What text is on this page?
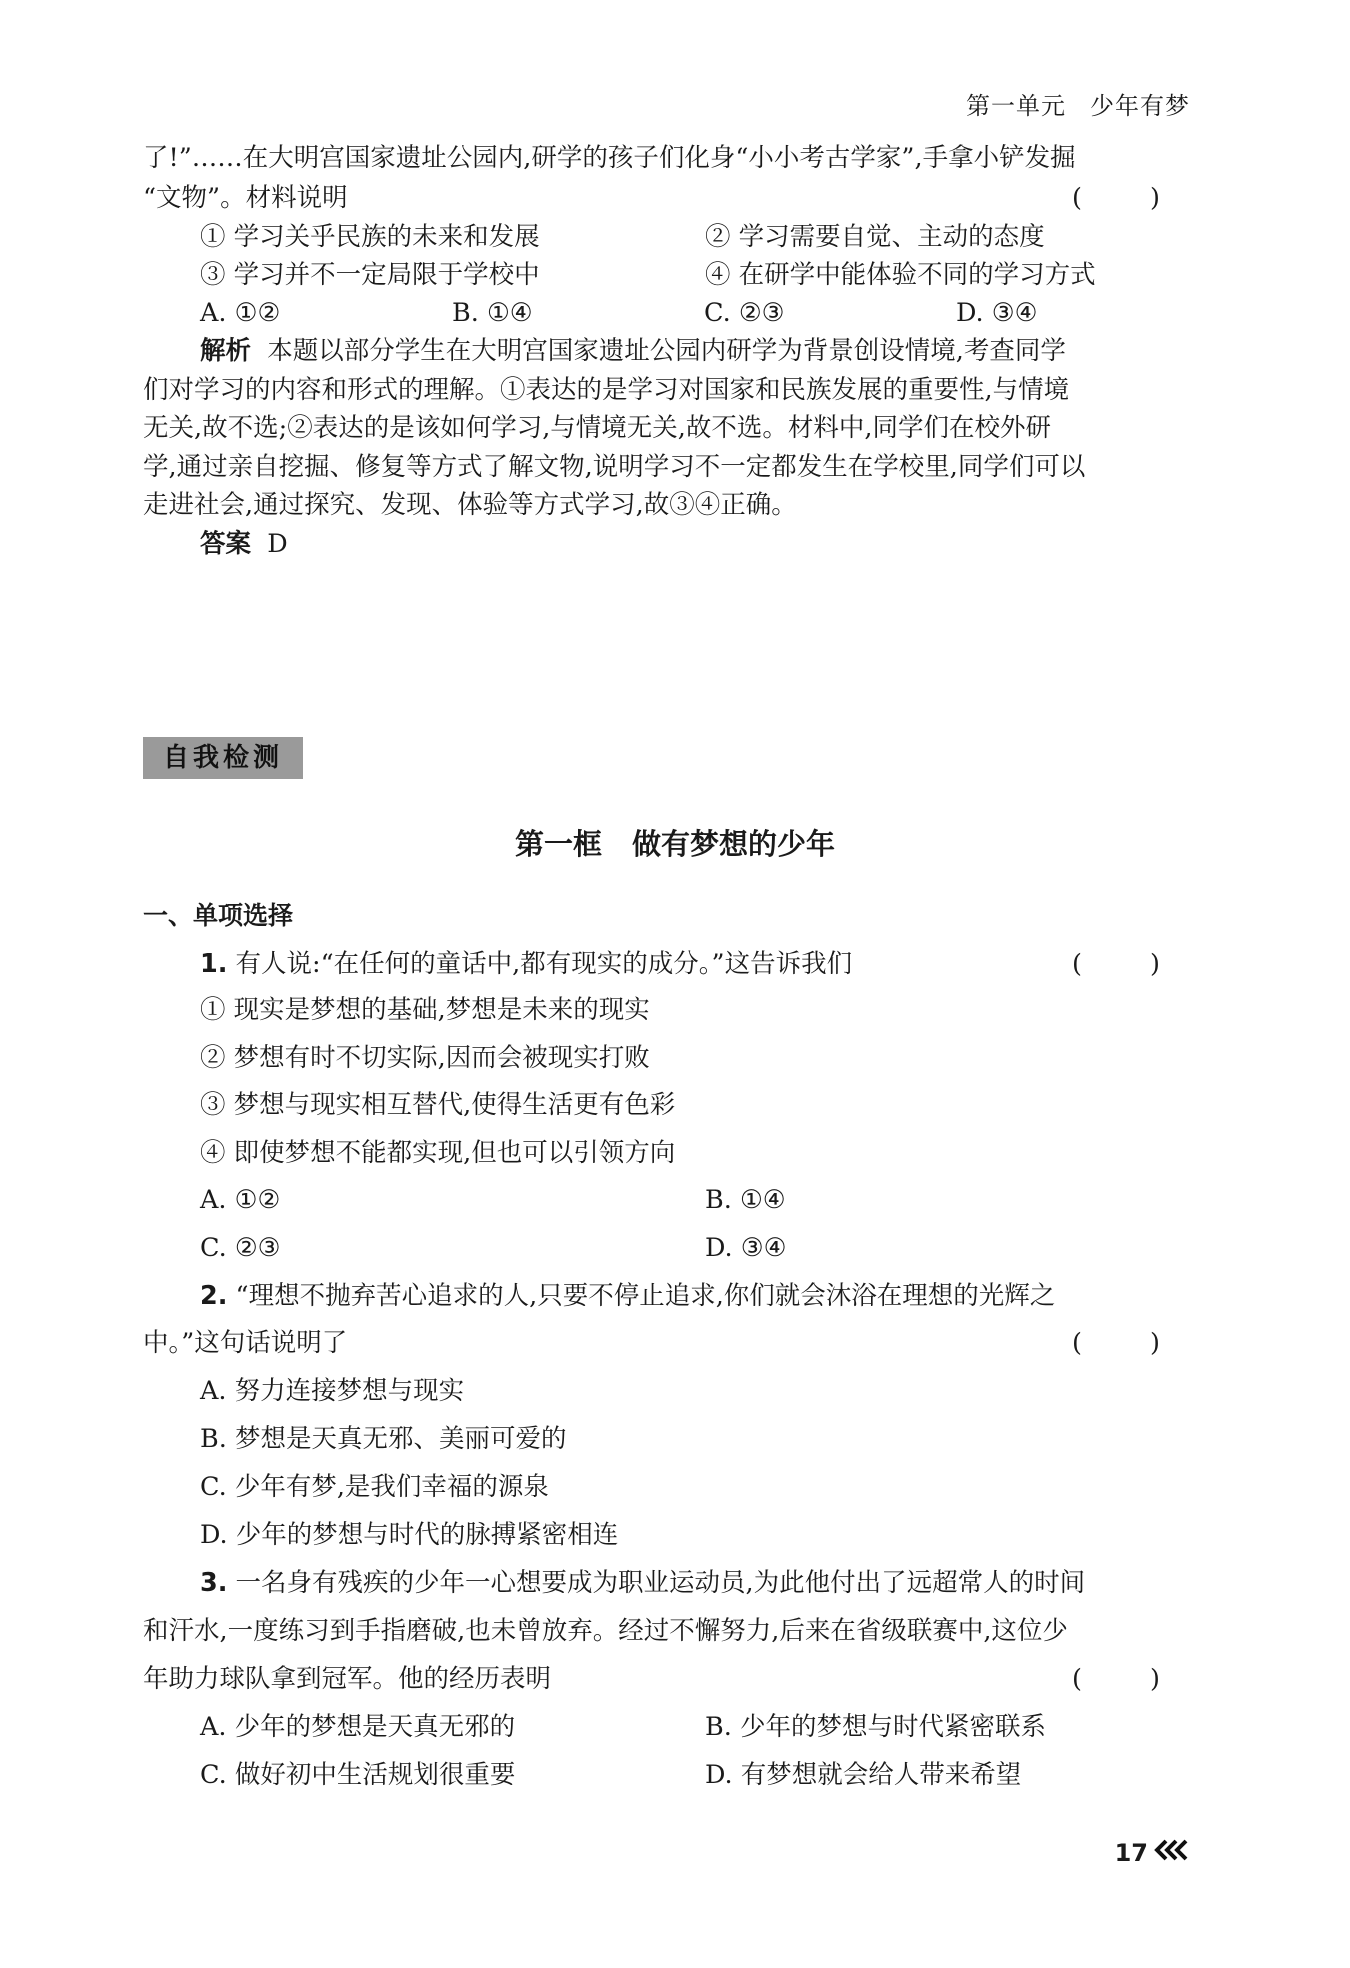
第一单元 少年有梦
了!”……在大明宫国家遗址公园内,研学的孩子们化身“小小考古学家”,手拿小铲发掘
“文物”。材料说明	( )
① 学习关乎民族的未来和发展	② 学习需要自觉、主动的态度
③ 学习并不一定局限于学校中	④ 在研学中能体验不同的学习方式
A. ①②	B. ①④	C. ②③	D. ③④
解析 本题以部分学生在大明宫国家遗址公园内研学为背景创设情境,考查同学
们对学习的内容和形式的理解。①表达的是学习对国家和民族发展的重要性,与情境
无关,故不选;②表达的是该如何学习,与情境无关,故不选。材料中,同学们在校外研
学,通过亲自挖掘、修复等方式了解文物,说明学习不一定都发生在学校里,同学们可以
走进社会,通过探究、发现、体验等方式学习,故③④正确。
答案 D
自我检测
第一框 做有梦想的少年
一、单项选择
1. 有人说:“在任何的童话中,都有现实的成分。”这告诉我们	( )
① 现实是梦想的基础,梦想是未来的现实
② 梦想有时不切实际,因而会被现实打败
③ 梦想与现实相互替代,使得生活更有色彩
④ 即使梦想不能都实现,但也可以引领方向
A. ①②	B. ①④
C. ②③	D. ③④
2. “理想不抛弃苦心追求的人,只要不停止追求,你们就会沐浴在理想的光辉之
中。”这句话说明了	( )
A. 努力连接梦想与现实
B. 梦想是天真无邪、美丽可爱的
C. 少年有梦,是我们幸福的源泉
D. 少年的梦想与时代的脉搏紧密相连
3. 一名身有残疾的少年一心想要成为职业运动员,为此他付出了远超常人的时间
和汗水,一度练习到手指磨破,也未曾放弃。经过不懈努力,后来在省级联赛中,这位少
年助力球队拿到冠军。他的经历表明	( )
A. 少年的梦想是天真无邪的	B. 少年的梦想与时代紧密联系
C. 做好初中生活规划很重要	D. 有梦想就会给人带来希望
17
